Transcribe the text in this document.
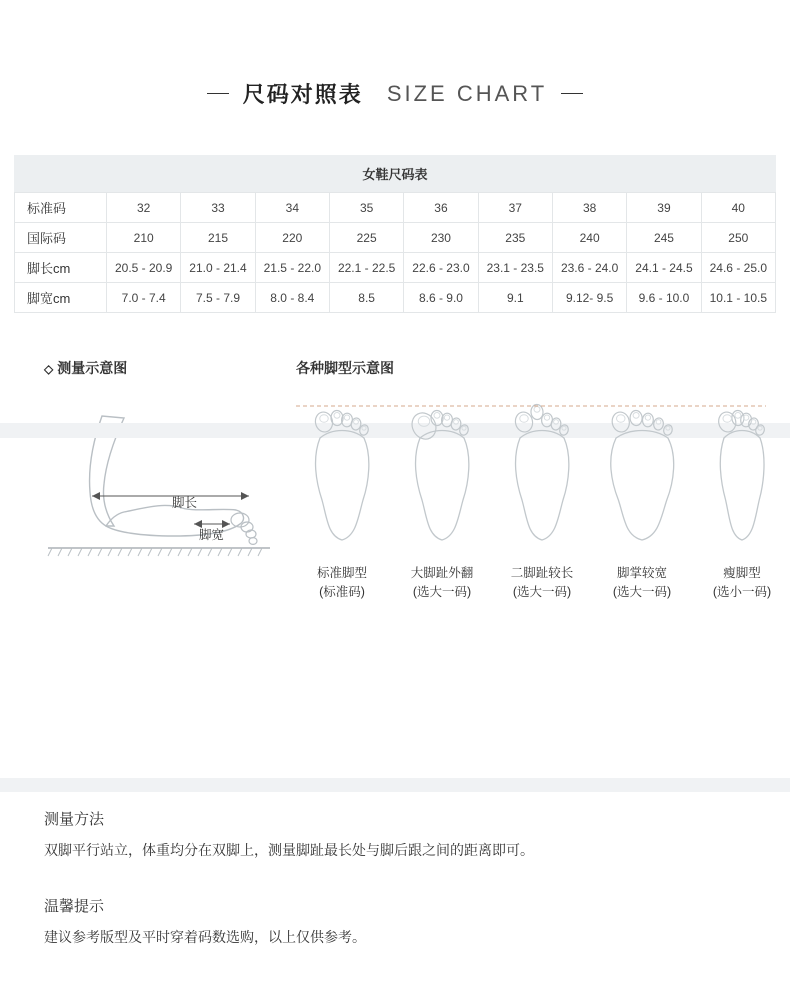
尺码对照表 SIZE CHART
女鞋尺码表
标准码	32	33	34	35	36	37	38	39	40
国际码	210	215	220	225	230	235	240	245	250
脚长cm	20.5 - 20.9	21.0 - 21.4	21.5 - 22.0	22.1 - 22.5	22.6 - 23.0	23.1 - 23.5	23.6 - 24.0	24.1 - 24.5	24.6 - 25.0
脚宽cm	7.0 - 7.4	7.5 - 7.9	8.0 - 8.4	8.5	8.6 - 9.0	9.1	9.12- 9.5	9.6 - 10.0	10.1 - 10.5
◇ 测量示意图
脚长
脚宽
各种脚型示意图
标准脚型
(标准码)
大脚趾外翻
(选大一码)
二脚趾较长
(选大一码)
脚掌较宽
(选大一码)
瘦脚型
(选小一码)
测量方法

双脚平行站立，体重均分在双脚上，测量脚趾最长处与脚后跟之间的距离即可。

温馨提示

建议参考版型及平时穿着码数选购，以上仅供参考。
